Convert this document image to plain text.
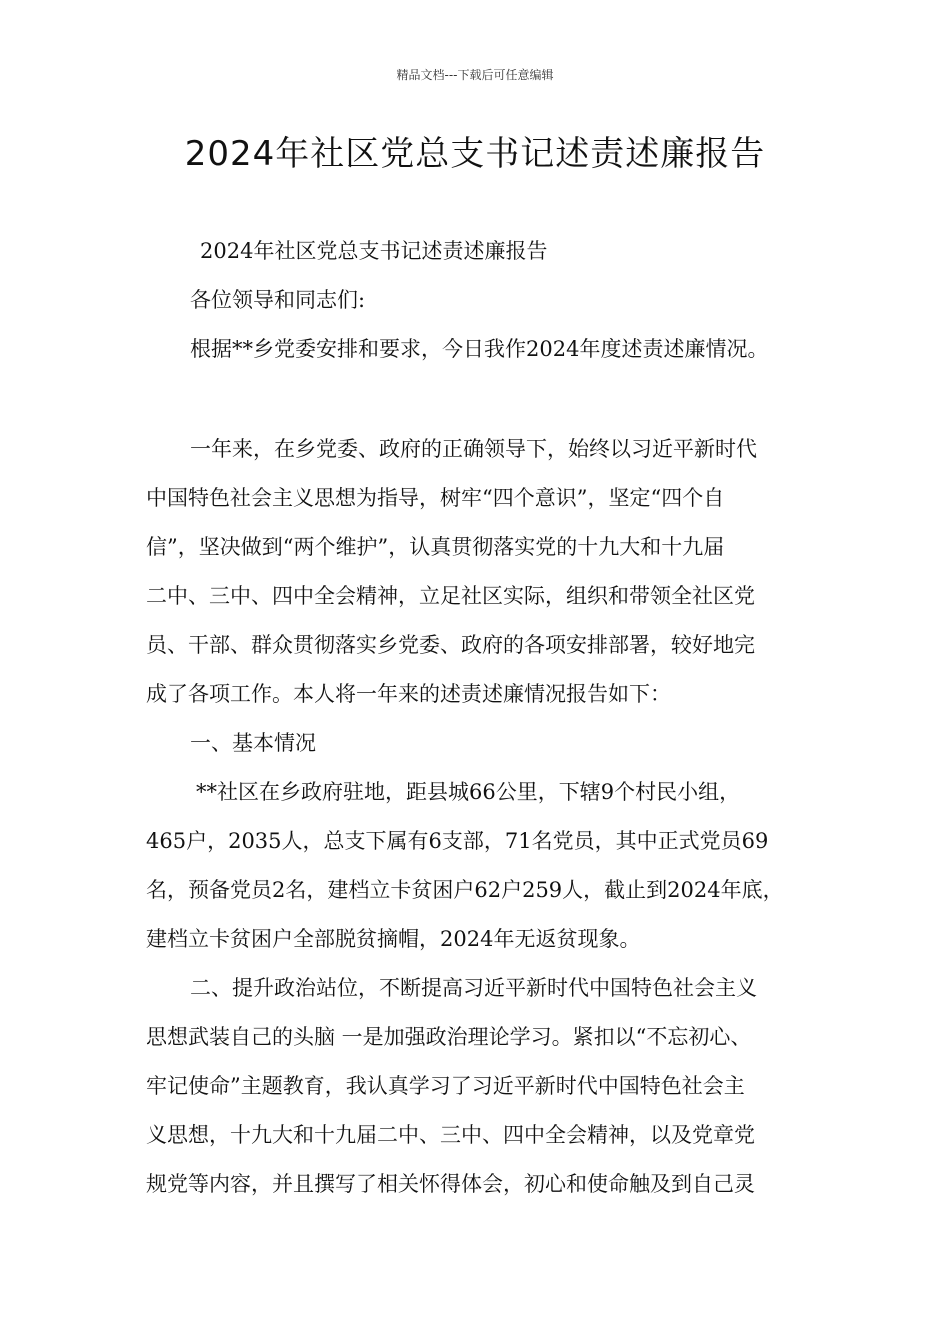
精品文档---下载后可任意编辑
2024年社区党总支书记述责述廉报告
2024年社区党总支书记述责述廉报告
各位领导和同志们:
根据**乡党委安排和要求，今日我作2024年度述责述廉情况。
一年来，在乡党委、政府的正确领导下，始终以习近平新时代
中国特色社会主义思想为指导，树牢“四个意识”，坚定“四个自
信”，坚决做到“两个维护”，认真贯彻落实党的十九大和十九届
二中、三中、四中全会精神，立足社区实际，组织和带领全社区党
员、干部、群众贯彻落实乡党委、政府的各项安排部署，较好地完
成了各项工作。本人将一年来的述责述廉情况报告如下：
一、基本情况
**社区在乡政府驻地，距县城66公里，下辖9个村民小组，
465户，2035人，总支下属有6支部，71名党员，其中正式党员69
名，预备党员2名，建档立卡贫困户62户259人，截止到2024年底，
建档立卡贫困户全部脱贫摘帽，2024年无返贫现象。
二、提升政治站位，不断提高习近平新时代中国特色社会主义
思想武装自己的头脑 一是加强政治理论学习。紧扣以“不忘初心、
牢记使命”主题教育，我认真学习了习近平新时代中国特色社会主
义思想，十九大和十九届二中、三中、四中全会精神，以及党章党
规党等内容，并且撰写了相关怀得体会，初心和使命触及到自己灵
